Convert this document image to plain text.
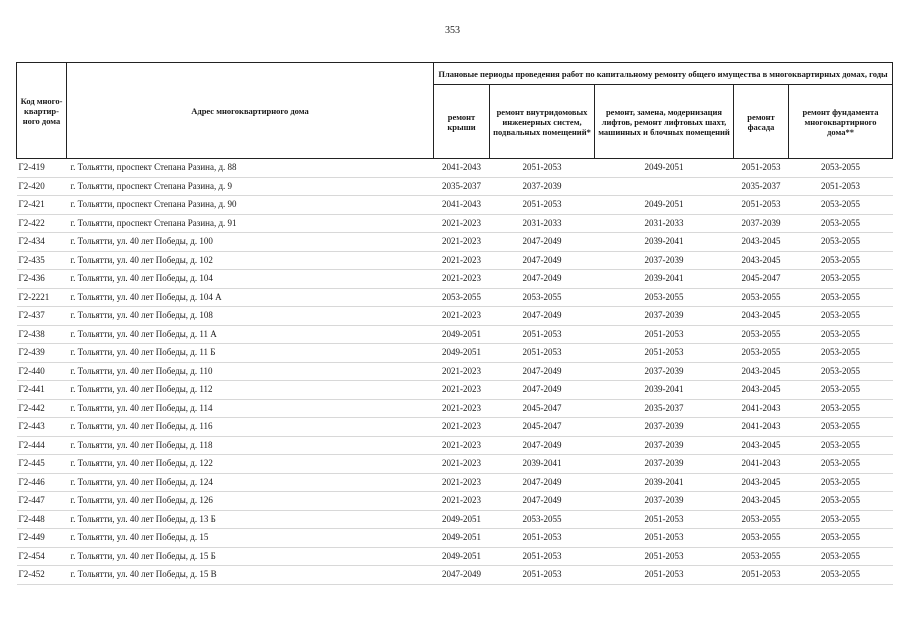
353
Код много-квартир-ного дома	Адрес многоквартирного дома	Плановые периоды проведения работ по капитальному ремонту общего имущества в многоквартирных домах, годы				
		ремонт крыши	ремонт внутридомовых инженерных систем, подвальных помещений*	ремонт, замена, модернизация лифтов, ремонт лифтовых шахт, машинных и блочных помещений	ремонт фасада	ремонт фундамента многоквартирного дома**
Г2-419	г. Тольятти, проспект Степана Разина, д. 88	2041-2043	2051-2053	2049-2051	2051-2053	2053-2055
Г2-420	г. Тольятти, проспект Степана Разина, д. 9	2035-2037	2037-2039		2035-2037	2051-2053
Г2-421	г. Тольятти, проспект Степана Разина, д. 90	2041-2043	2051-2053	2049-2051	2051-2053	2053-2055
Г2-422	г. Тольятти, проспект Степана Разина, д. 91	2021-2023	2031-2033	2031-2033	2037-2039	2053-2055
Г2-434	г. Тольятти, ул. 40 лет Победы, д. 100	2021-2023	2047-2049	2039-2041	2043-2045	2053-2055
Г2-435	г. Тольятти, ул. 40 лет Победы, д. 102	2021-2023	2047-2049	2037-2039	2043-2045	2053-2055
Г2-436	г. Тольятти, ул. 40 лет Победы, д. 104	2021-2023	2047-2049	2039-2041	2045-2047	2053-2055
Г2-2221	г. Тольятти, ул. 40 лет Победы, д. 104 А	2053-2055	2053-2055	2053-2055	2053-2055	2053-2055
Г2-437	г. Тольятти, ул. 40 лет Победы, д. 108	2021-2023	2047-2049	2037-2039	2043-2045	2053-2055
Г2-438	г. Тольятти, ул. 40 лет Победы, д. 11 А	2049-2051	2051-2053	2051-2053	2053-2055	2053-2055
Г2-439	г. Тольятти, ул. 40 лет Победы, д. 11 Б	2049-2051	2051-2053	2051-2053	2053-2055	2053-2055
Г2-440	г. Тольятти, ул. 40 лет Победы, д. 110	2021-2023	2047-2049	2037-2039	2043-2045	2053-2055
Г2-441	г. Тольятти, ул. 40 лет Победы, д. 112	2021-2023	2047-2049	2039-2041	2043-2045	2053-2055
Г2-442	г. Тольятти, ул. 40 лет Победы, д. 114	2021-2023	2045-2047	2035-2037	2041-2043	2053-2055
Г2-443	г. Тольятти, ул. 40 лет Победы, д. 116	2021-2023	2045-2047	2037-2039	2041-2043	2053-2055
Г2-444	г. Тольятти, ул. 40 лет Победы, д. 118	2021-2023	2047-2049	2037-2039	2043-2045	2053-2055
Г2-445	г. Тольятти, ул. 40 лет Победы, д. 122	2021-2023	2039-2041	2037-2039	2041-2043	2053-2055
Г2-446	г. Тольятти, ул. 40 лет Победы, д. 124	2021-2023	2047-2049	2039-2041	2043-2045	2053-2055
Г2-447	г. Тольятти, ул. 40 лет Победы, д. 126	2021-2023	2047-2049	2037-2039	2043-2045	2053-2055
Г2-448	г. Тольятти, ул. 40 лет Победы, д. 13 Б	2049-2051	2053-2055	2051-2053	2053-2055	2053-2055
Г2-449	г. Тольятти, ул. 40 лет Победы, д. 15	2049-2051	2051-2053	2051-2053	2053-2055	2053-2055
Г2-454	г. Тольятти, ул. 40 лет Победы, д. 15 Б	2049-2051	2051-2053	2051-2053	2053-2055	2053-2055
Г2-452	г. Тольятти, ул. 40 лет Победы, д. 15 В	2047-2049	2051-2053	2051-2053	2051-2053	2053-2055
